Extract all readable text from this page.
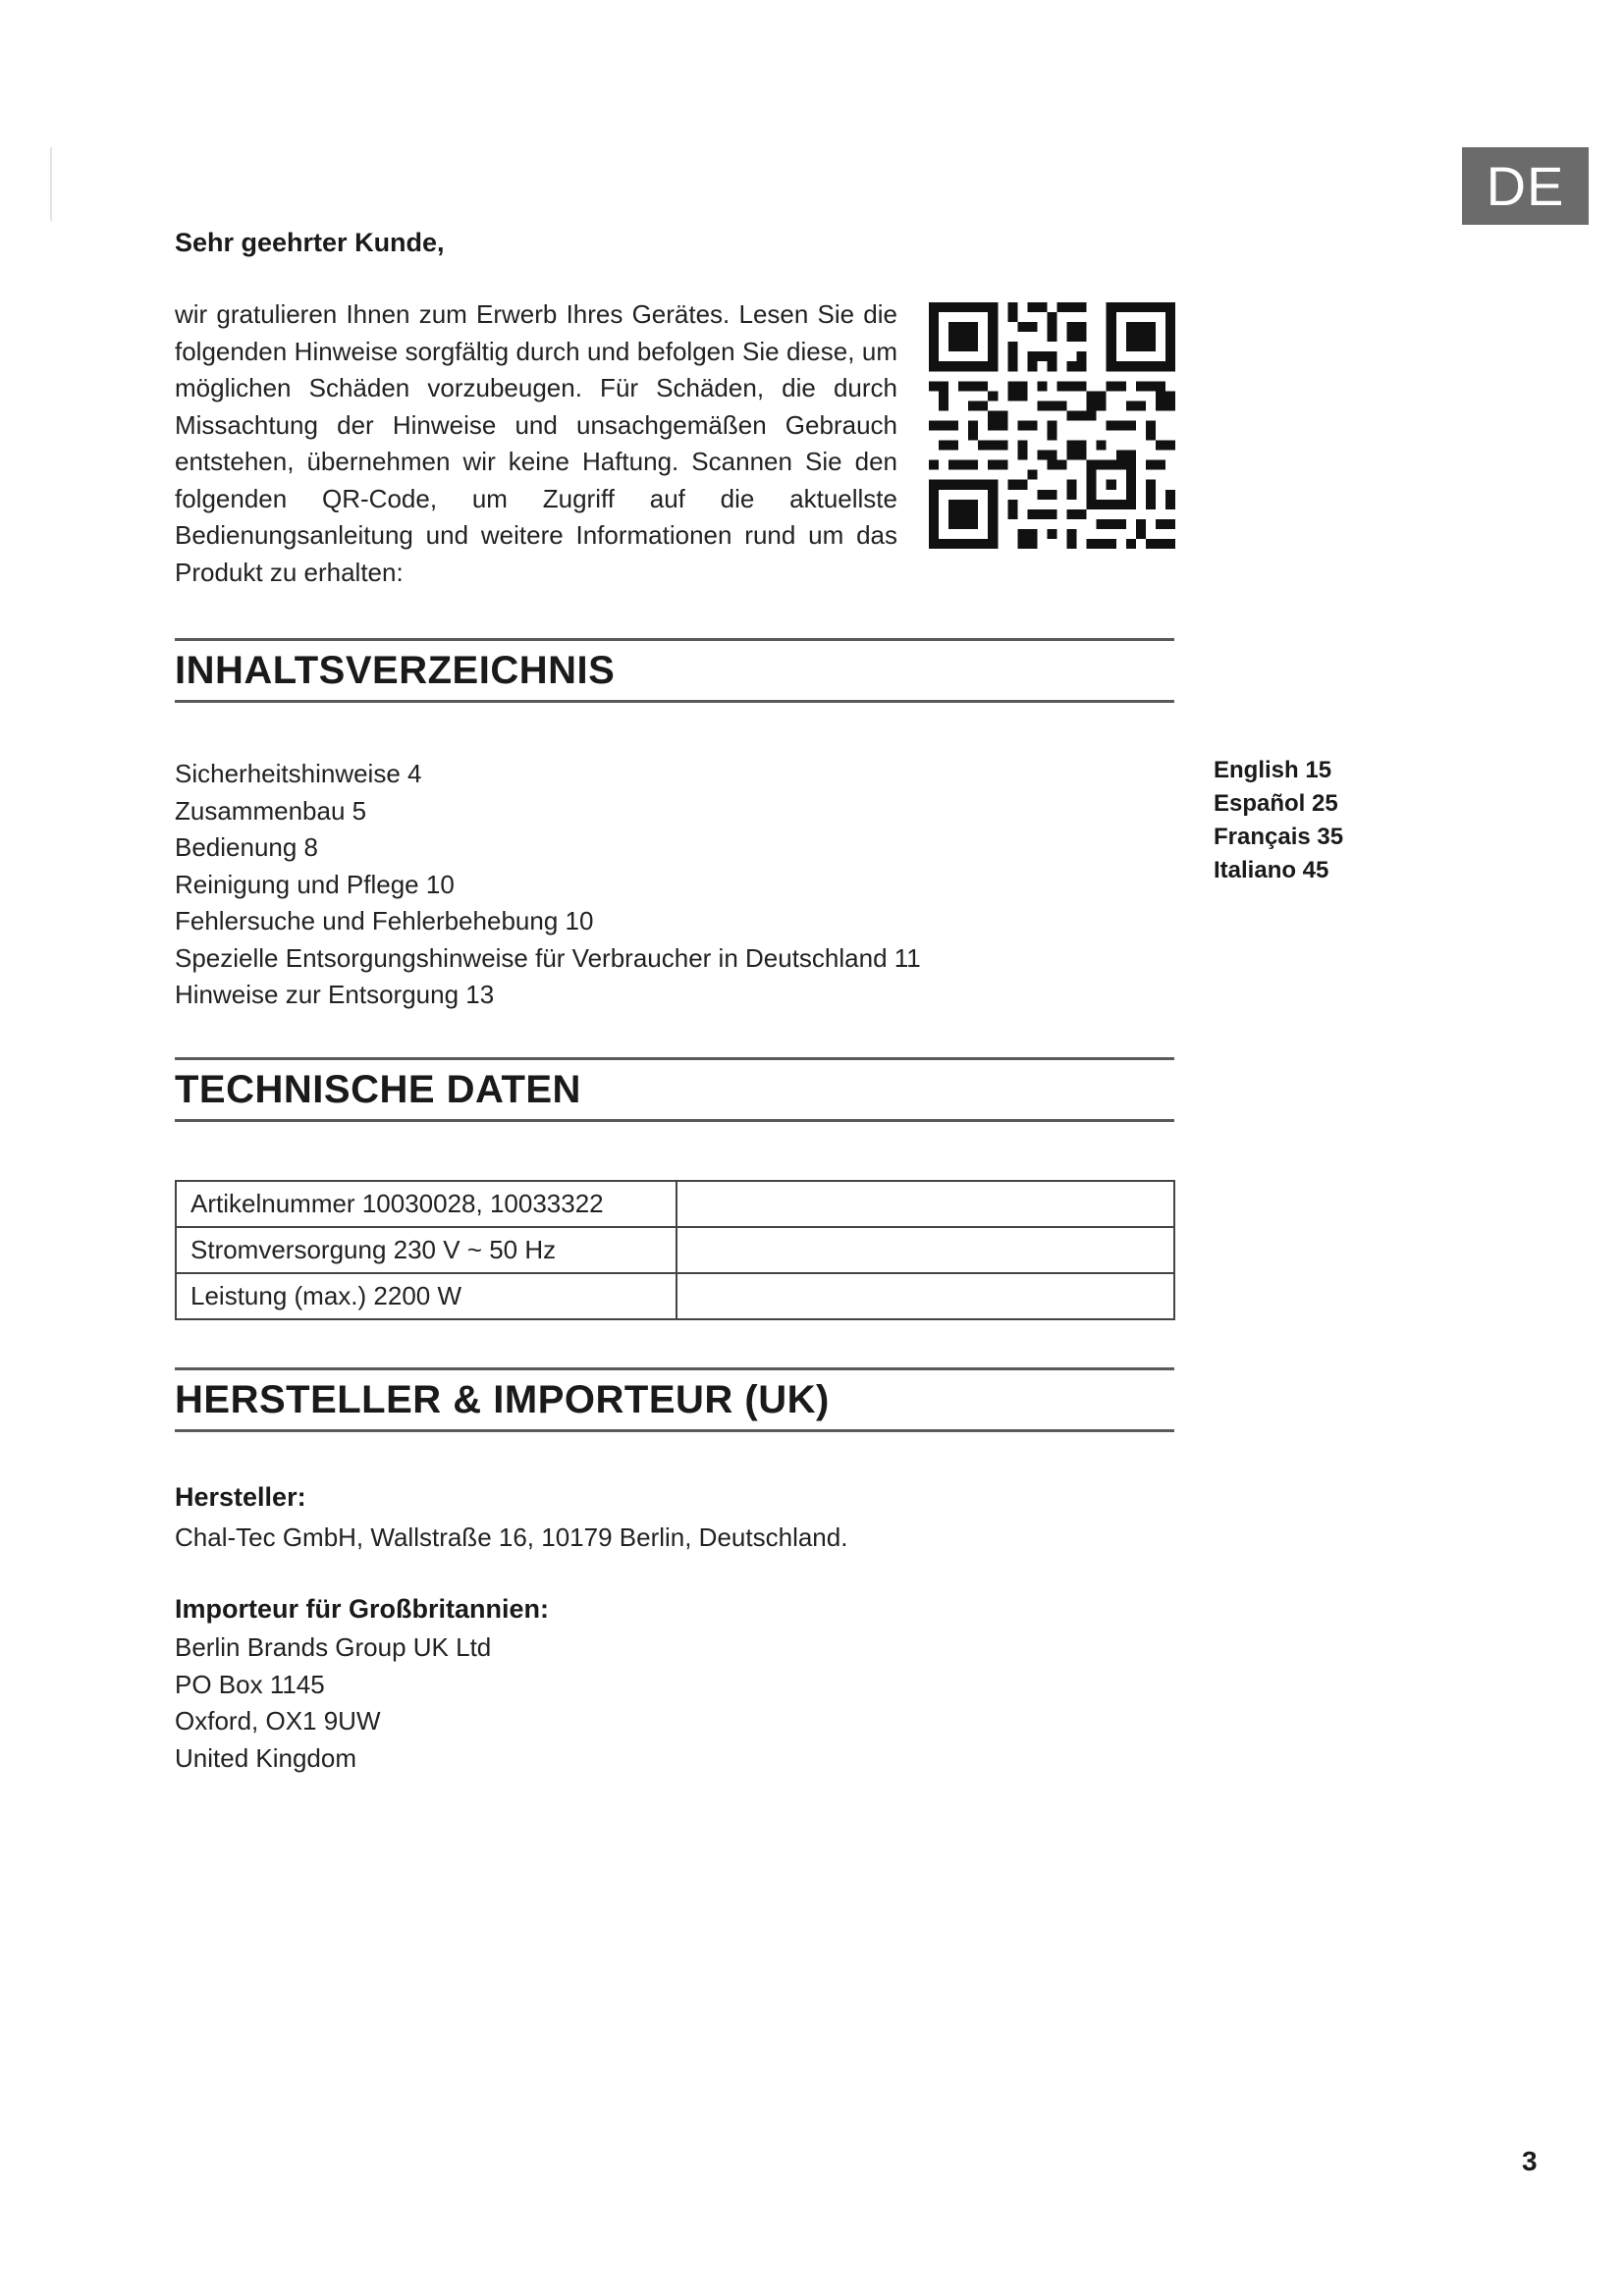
DE
Sehr geehrter Kunde,

wir gratulieren Ihnen zum Erwerb Ihres Gerätes. Lesen Sie die folgenden Hinweise sorgfältig durch und befolgen Sie diese, um möglichen Schäden vorzubeugen. Für Schäden, die durch Missachtung der Hinweise und unsachgemäßen Gebrauch entstehen, übernehmen wir keine Haftung. Scannen Sie den folgenden QR-Code, um Zugriff auf die aktuellste Bedienungsanleitung und weitere Informationen rund um das Produkt zu erhalten:

INHALTSVERZEICHNIS
Sicherheitshinweise 4
Zusammenbau 5
Bedienung 8
Reinigung und Pflege 10
Fehlersuche und Fehlerbehebung 10
Spezielle Entsorgungshinweise für Verbraucher in Deutschland 11
Hinweise zur Entsorgung 13
English 15
Español 25
Français 35
Italiano 45
TECHNISCHE DATEN
Artikelnummer 10030028, 10033322	
Stromversorgung 230 V ~ 50 Hz	
Leistung (max.) 2200 W	
HERSTELLER & IMPORTEUR (UK)
Hersteller:
Chal-Tec GmbH, Wallstraße 16, 10179 Berlin, Deutschland.
Importeur für Großbritannien:
Berlin Brands Group UK Ltd
PO Box 1145
Oxford, OX1 9UW
United Kingdom
3
